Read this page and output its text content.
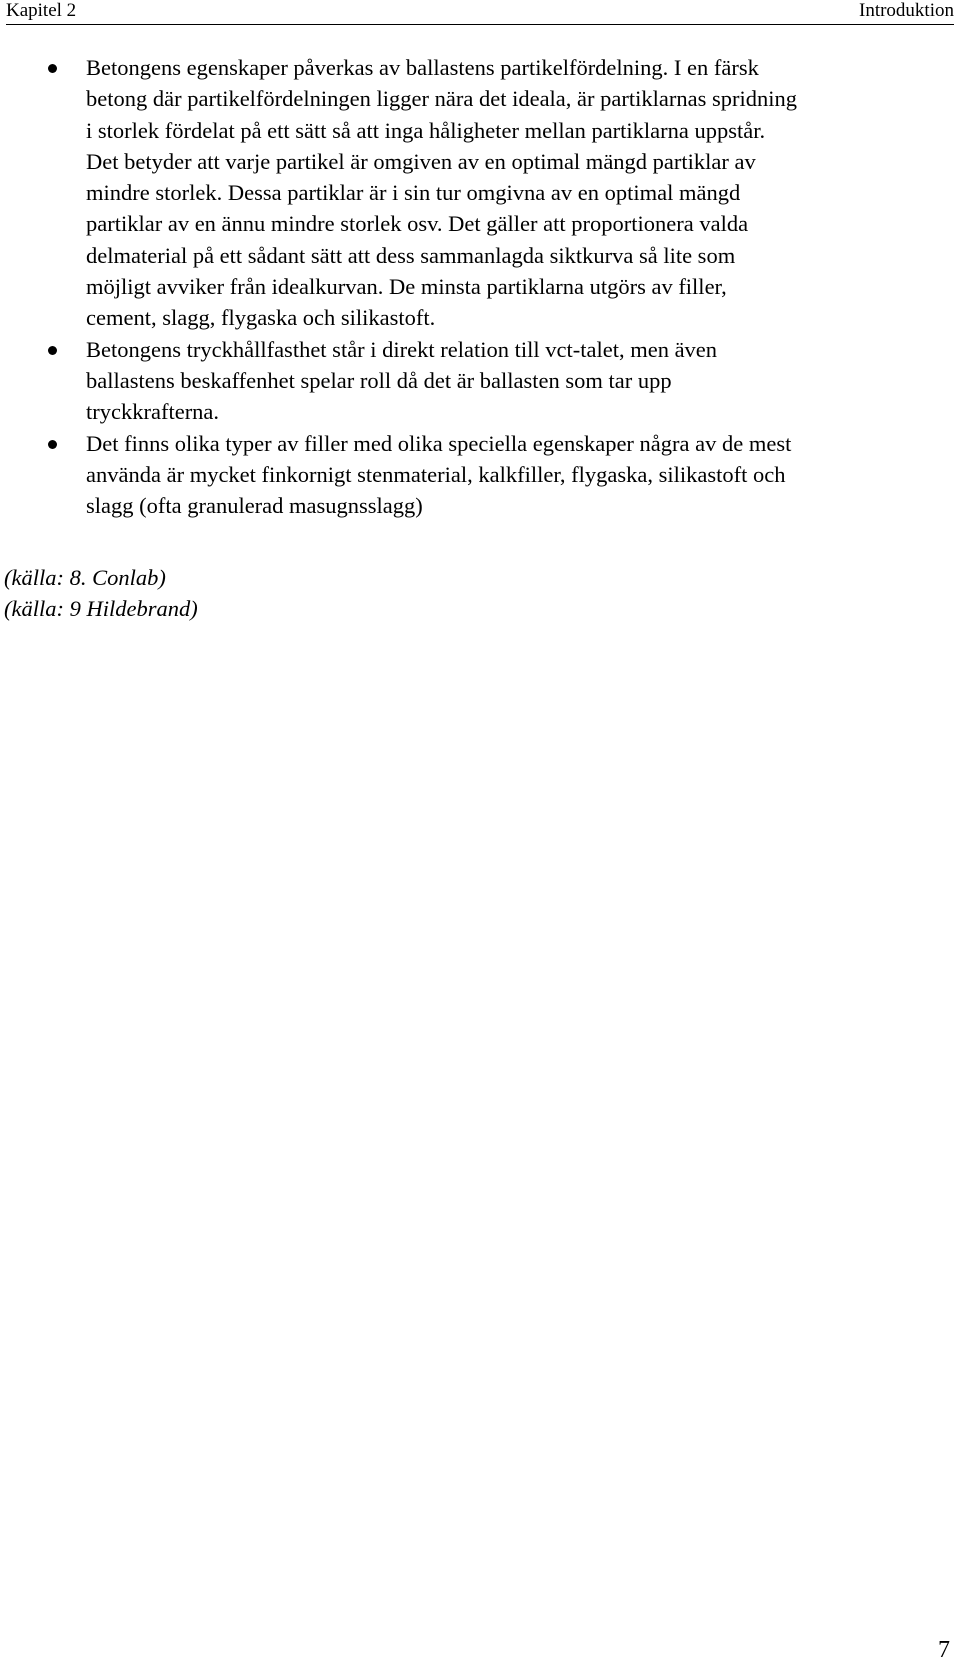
Kapitel 2	Introduktion
Betongens egenskaper påverkas av ballastens partikelfördelning. I en färsk
betong där partikelfördelningen ligger nära det ideala, är partiklarnas spridning
i storlek fördelat på ett sätt så att inga håligheter mellan partiklarna uppstår.
Det betyder att varje partikel är omgiven av en optimal mängd partiklar av
mindre storlek. Dessa partiklar är i sin tur omgivna av en optimal mängd
partiklar av en ännu mindre storlek osv. Det gäller att proportionera valda
delmaterial på ett sådant sätt att dess sammanlagda siktkurva så lite som
möjligt avviker från idealkurvan. De minsta partiklarna utgörs av filler,
cement, slagg, flygaska och silikastoft.
Betongens tryckhållfasthet står i direkt relation till vct-talet, men även
ballastens beskaffenhet spelar roll då det är ballasten som tar upp
tryckkrafterna.
Det finns olika typer av filler med olika speciella egenskaper några av de mest
använda är mycket finkornigt stenmaterial, kalkfiller, flygaska, silikastoft och
slagg (ofta granulerad masugnsslagg)
(källa: 8. Conlab)
(källa: 9 Hildebrand)
7
